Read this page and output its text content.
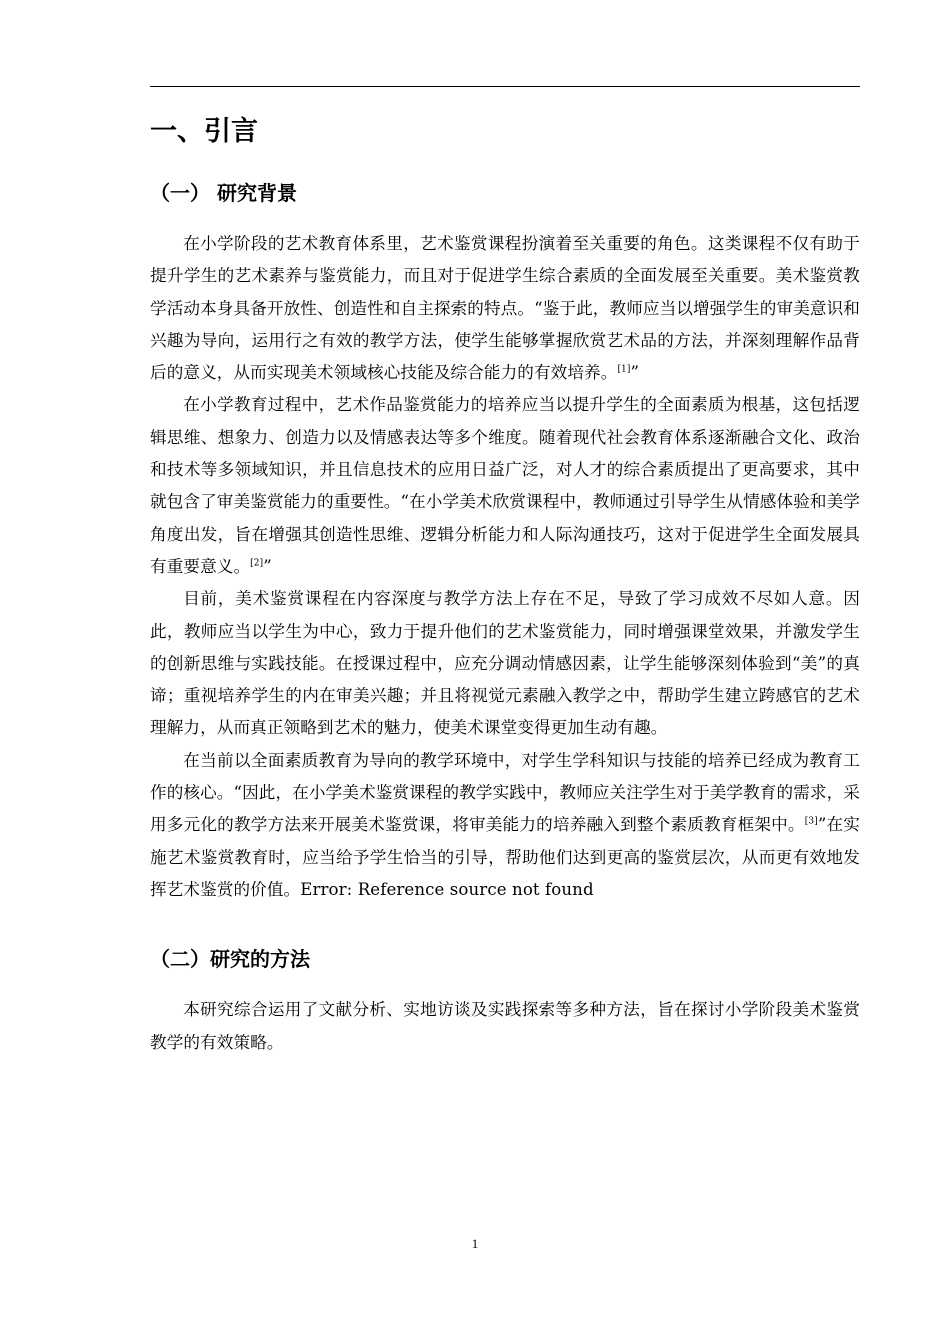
一、引言
（一） 研究背景

在小学阶段的艺术教育体系里，艺术鉴赏课程扮演着至关重要的角色。这类课程不仅有助于提升学生的艺术素养与鉴赏能力，而且对于促进学生综合素质的全面发展至关重要。美术鉴赏教学活动本身具备开放性、创造性和自主探索的特点。“鉴于此，教师应当以增强学生的审美意识和兴趣为导向，运用行之有效的教学方法，使学生能够掌握欣赏艺术品的方法，并深刻理解作品背后的意义，从而实现美术领域核心技能及综合能力的有效培养。[1]”

在小学教育过程中，艺术作品鉴赏能力的培养应当以提升学生的全面素质为根基，这包括逻辑思维、想象力、创造力以及情感表达等多个维度。随着现代社会教育体系逐渐融合文化、政治和技术等多领域知识，并且信息技术的应用日益广泛，对人才的综合素质提出了更高要求，其中就包含了审美鉴赏能力的重要性。“在小学美术欣赏课程中，教师通过引导学生从情感体验和美学角度出发，旨在增强其创造性思维、逻辑分析能力和人际沟通技巧，这对于促进学生全面发展具有重要意义。[2]”

目前，美术鉴赏课程在内容深度与教学方法上存在不足，导致了学习成效不尽如人意。因此，教师应当以学生为中心，致力于提升他们的艺术鉴赏能力，同时增强课堂效果，并激发学生的创新思维与实践技能。在授课过程中，应充分调动情感因素，让学生能够深刻体验到“美”的真谛；重视培养学生的内在审美兴趣；并且将视觉元素融入教学之中，帮助学生建立跨感官的艺术理解力，从而真正领略到艺术的魅力，使美术课堂变得更加生动有趣。

在当前以全面素质教育为导向的教学环境中，对学生学科知识与技能的培养已经成为教育工作的核心。“因此，在小学美术鉴赏课程的教学实践中，教师应关注学生对于美学教育的需求，采用多元化的教学方法来开展美术鉴赏课，将审美能力的培养融入到整个素质教育框架中。[3]”在实施艺术鉴赏教育时，应当给予学生恰当的引导，帮助他们达到更高的鉴赏层次，从而更有效地发挥艺术鉴赏的价值。Error: Reference source not found

（二）研究的方法

本研究综合运用了文献分析、实地访谈及实践探索等多种方法，旨在探讨小学阶段美术鉴赏教学的有效策略。

1
